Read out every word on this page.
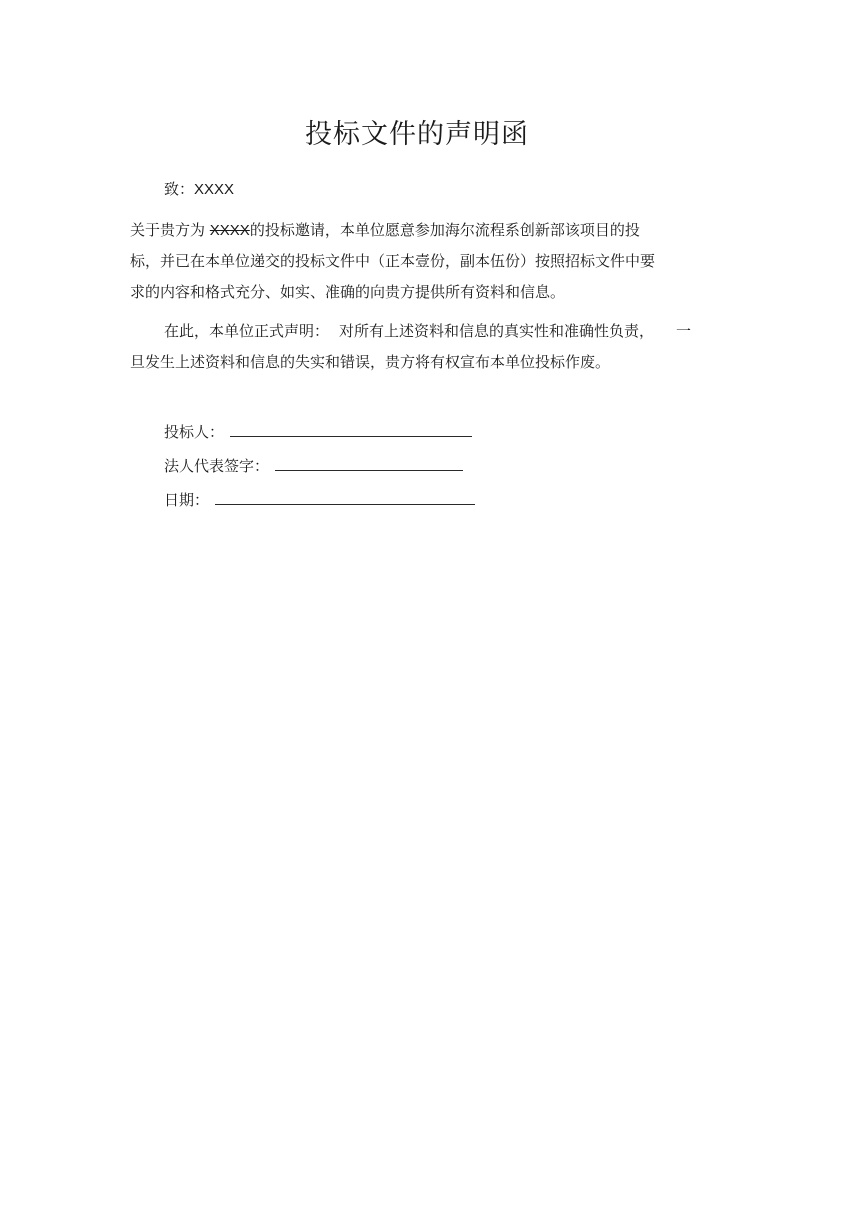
投标文件的声明函
致：XXXX

关于贵方为 XXXX的投标邀请，本单位愿意参加海尔流程系创新部该项目的投
标，并已在本单位递交的投标文件中（正本壹份，副本伍份）按照招标文件中要
求的内容和格式充分、如实、准确的向贵方提供所有资料和信息。

在此，本单位正式声明： 对所有上述资料和信息的真实性和准确性负责， 一
旦发生上述资料和信息的失实和错误，贵方将有权宣布本单位投标作废。

投标人：
法人代表签字：
日期：
